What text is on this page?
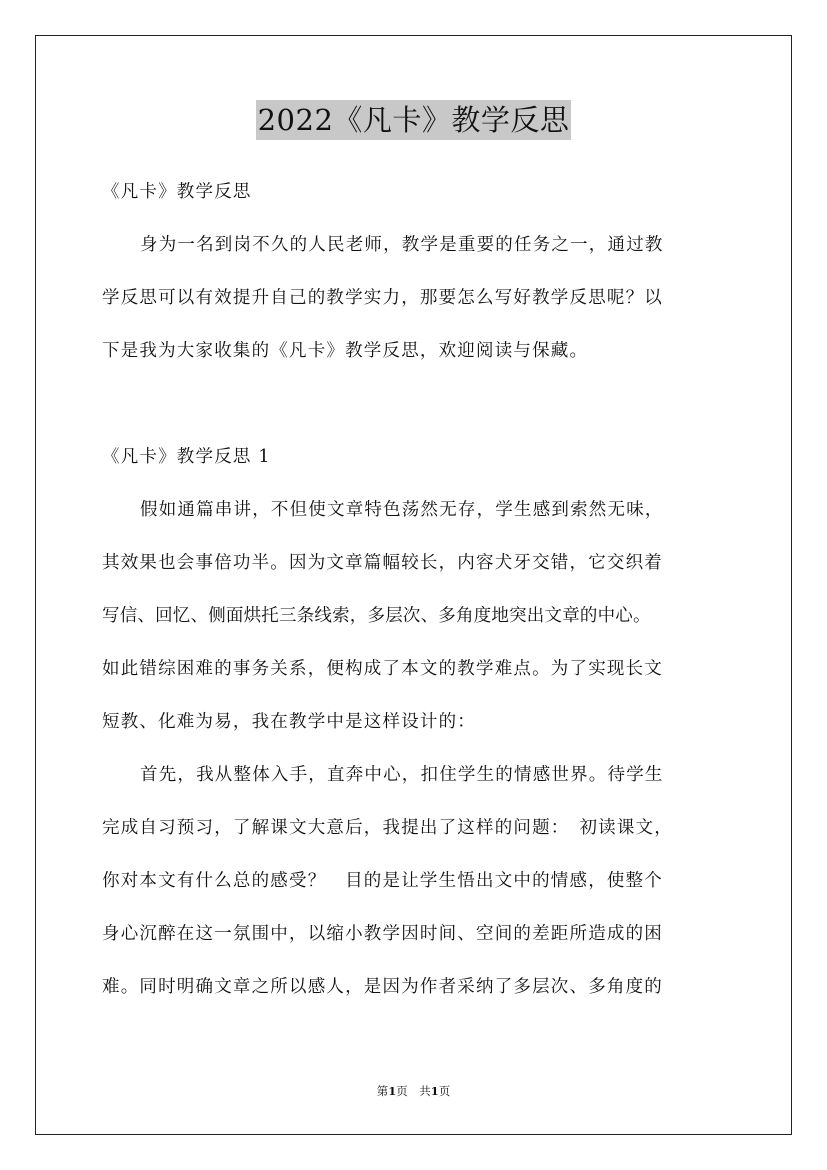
2022《凡卡》教学反思
《凡卡》教学反思
身为一名到岗不久的人民老师，教学是重要的任务之一，通过教
学反思可以有效提升自己的教学实力，那要怎么写好教学反思呢？以
下是我为大家收集的《凡卡》教学反思，欢迎阅读与保藏。
《凡卡》教学反思 1
假如通篇串讲，不但使文章特色荡然无存，学生感到索然无味，
其效果也会事倍功半。因为文章篇幅较长，内容犬牙交错，它交织着
写信、回忆、侧面烘托三条线索，多层次、多角度地突出文章的中心。
如此错综困难的事务关系，便构成了本文的教学难点。为了实现长文
短教、化难为易，我在教学中是这样设计的：
首先，我从整体入手，直奔中心，扣住学生的情感世界。待学生
完成自习预习，了解课文大意后，我提出了这样的问题：　初读课文，
你对本文有什么总的感受？　目的是让学生悟出文中的情感，使整个
身心沉醉在这一氛围中，以缩小教学因时间、空间的差距所造成的困
难。同时明确文章之所以感人，是因为作者采纳了多层次、多角度的
第1页　共1页
